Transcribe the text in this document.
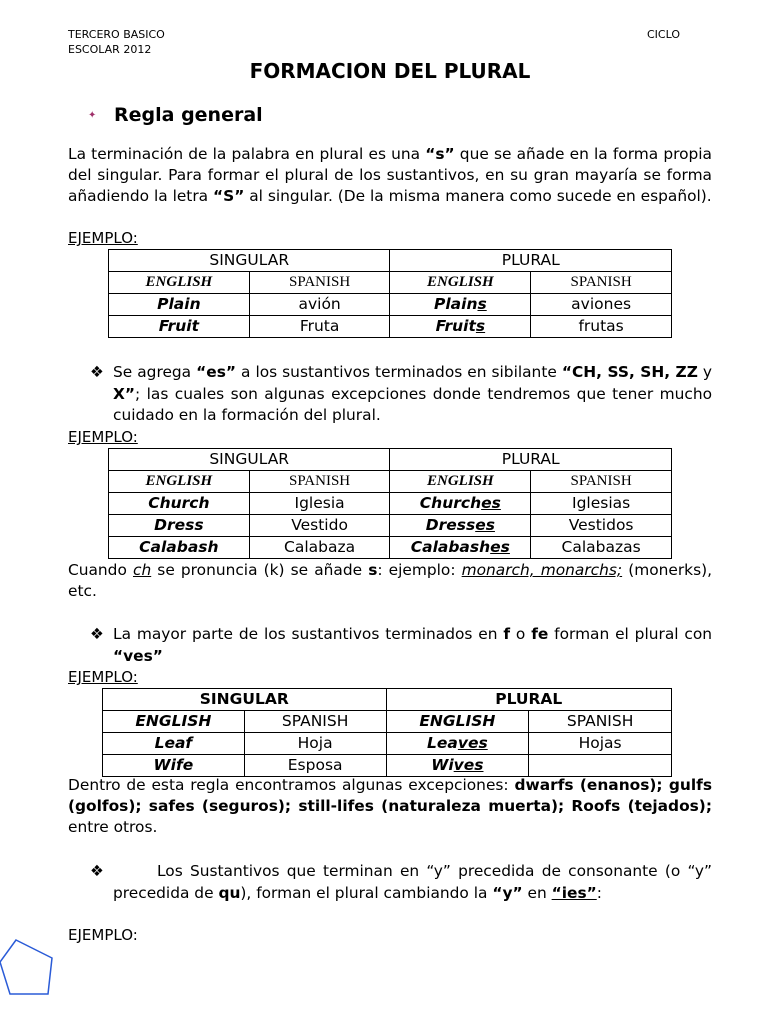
TERCERO BASICO	CICLO
ESCOLAR 2012
FORMACION DEL PLURAL
✦ Regla general

La terminación de la palabra en plural es una “s” que se añade en la forma propia del singular. Para formar el plural de los sustantivos, en su gran mayaría se forma añadiendo la letra “S” al singular. (De la misma manera como sucede en español).

EJEMPLO:
SINGULAR		PLURAL	
ENGLISH	SPANISH	ENGLISH	SPANISH
Plain	avión	Plains	aviones
Fruit	Fruta	Fruits	frutas
❖ Se agrega “es” a los sustantivos terminados en sibilante “CH, SS, SH, ZZ y X”; las cuales son algunas excepciones donde tendremos que tener mucho cuidado en la formación del plural.
EJEMPLO:
SINGULAR		PLURAL	
ENGLISH	SPANISH	ENGLISH	SPANISH
Church	Iglesia	Churches	Iglesias
Dress	Vestido	Dresses	Vestidos
Calabash	Calabaza	Calabashes	Calabazas

Cuando ch se pronuncia (k) se añade s: ejemplo: monarch, monarchs; (monerks), etc.

❖ La mayor parte de los sustantivos terminados en f o fe forman el plural con “ves”
EJEMPLO:
SINGULAR		PLURAL	
ENGLISH	SPANISH	ENGLISH	SPANISH
Leaf	Hoja	Leaves	Hojas
Wife	Esposa	Wives	

Dentro de esta regla encontramos algunas excepciones: dwarfs (enanos); gulfs (golfos); safes (seguros); still-lifes (naturaleza muerta); Roofs (tejados); entre otros.

❖	Los Sustantivos que terminan en “y” precedida de consonante (o “y” precedida de qu), forman el plural cambiando la “y” en “ies”:
EJEMPLO:
